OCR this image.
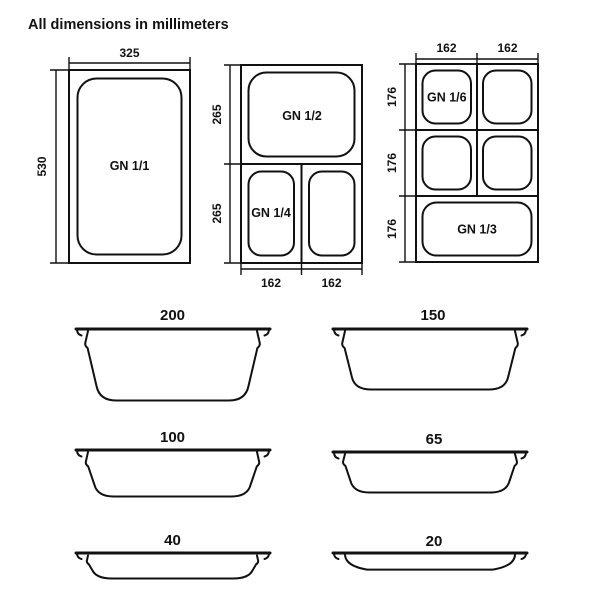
All dimensions in millimeters
325
530	GN 1/1
265
265
162	162
GN 1/2
GN 1/4
162	162
176
176
176
GN 1/6
GN 1/3
200	150
100	65
40	20
